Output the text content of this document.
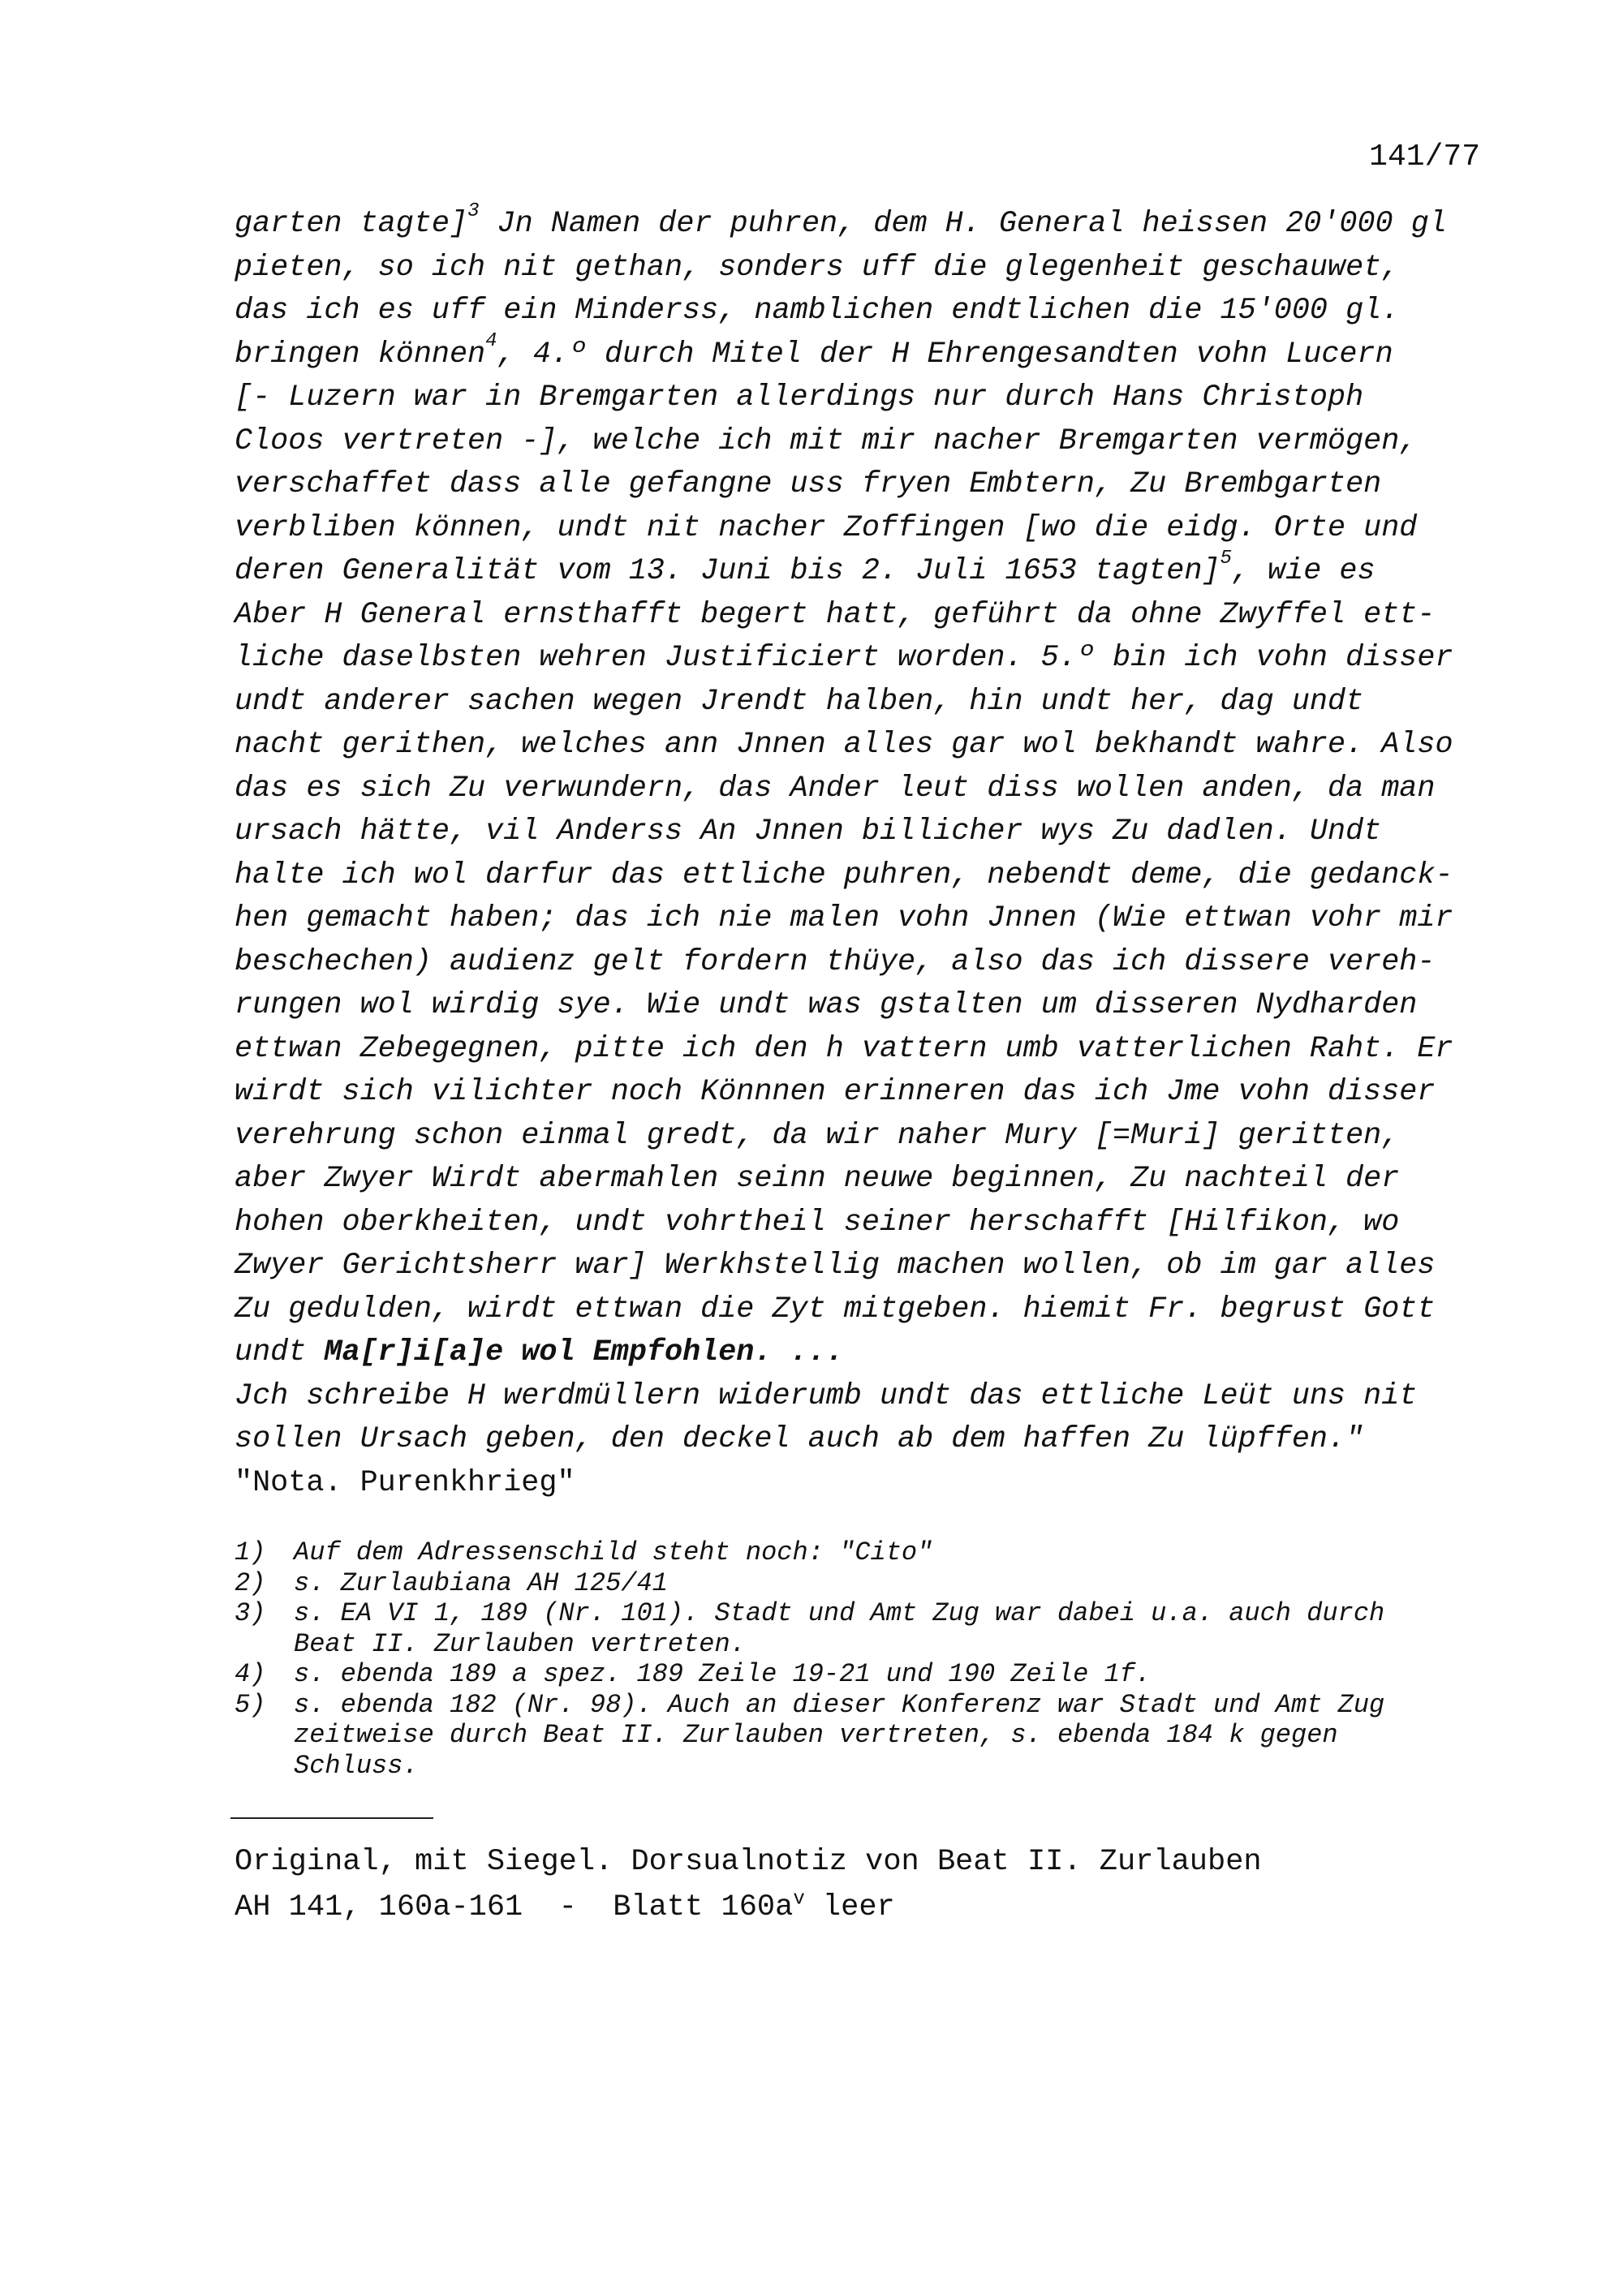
141/77
garten tagte]$^3$ Jn Namen der puhren, dem H. General heissen 20'000 gl
pieten, so ich nit gethan, sonders uff die glegenheit geschauwet,
das ich es uff ein Minderss, namblichen endtlichen die 15'000 gl.
bringen können$^4$, 4.º durch Mitel der H Ehrengesandten vohn Lucern
[- Luzern war in Bremgarten allerdings nur durch Hans Christoph
Cloos vertreten -], welche ich mit mir nacher Bremgarten vermögen,
verschaffet dass alle gefangne uss fryen Embtern, Zu Brembgarten
verbliben können, undt nit nacher Zoffingen [wo die eidg. Orte und
deren Generalität vom 13. Juni bis 2. Juli 1653 tagten]$^5$, wie es
Aber H General ernsthafft begert hatt, geführt da ohne Zwyffel ett-
liche daselbsten wehren Justificiert worden. 5.º bin ich vohn disser
undt anderer sachen wegen Jrendt halben, hin undt her, dag undt
nacht gerithen, welches ann Jnnen alles gar wol bekhandt wahre. Also
das es sich Zu verwundern, das Ander leut diss wollen anden, da man
ursach hätte, vil Anderss An Jnnen billicher wys Zu dadlen. Undt
halte ich wol darfur das ettliche puhren, nebendt deme, die gedanck-
hen gemacht haben; das ich nie malen vohn Jnnen (Wie ettwan vohr mir
beschechen) audienz gelt fordern thüye, also das ich dissere vereh-
rungen wol wirdig sye. Wie undt was gstalten um disseren Nydharden
ettwan Zebegegnen, pitte ich den h vattern umb vatterlichen Raht. Er
wirdt sich vilichter noch Könnnen erinneren das ich Jme vohn disser
verehrung schon einmal gredt, da wir naher Mury [=Muri] geritten,
aber Zwyer Wirdt abermahlen seinn neuwe beginnen, Zu nachteil der
hohen oberkheiten, undt vohrtheil seiner herschafft [Hilfikon, wo
Zwyer Gerichtsherr war] Werkhstellig machen wollen, ob im gar alles
Zu gedulden, wirdt ettwan die Zyt mitgeben. hiemit Fr. begrust Gott
undt Ma[r]i[a]e wol Empfohlen. ...
Jch schreibe H werdmüllern widerumb undt das ettliche Leüt uns nit
sollen Ursach geben, den deckel auch ab dem haffen Zu lüpffen."
"Nota. Purenkhrieg"
1) Auf dem Adressenschild steht noch: "Cito"
2) s. Zurlaubiana AH 125/41
3) s. EA VI 1, 189 (Nr. 101). Stadt und Amt Zug war dabei u.a. auch durch
Beat II. Zurlauben vertreten.
4) s. ebenda 189 a spez. 189 Zeile 19-21 und 190 Zeile 1f.
5) s. ebenda 182 (Nr. 98). Auch an dieser Konferenz war Stadt und Amt Zug
zeitweise durch Beat II. Zurlauben vertreten, s. ebenda 184 k gegen
Schluss.
Original, mit Siegel. Dorsualnotiz von Beat II. Zurlauben
AH 141, 160a-161  -  Blatt $160a^v$ leer
